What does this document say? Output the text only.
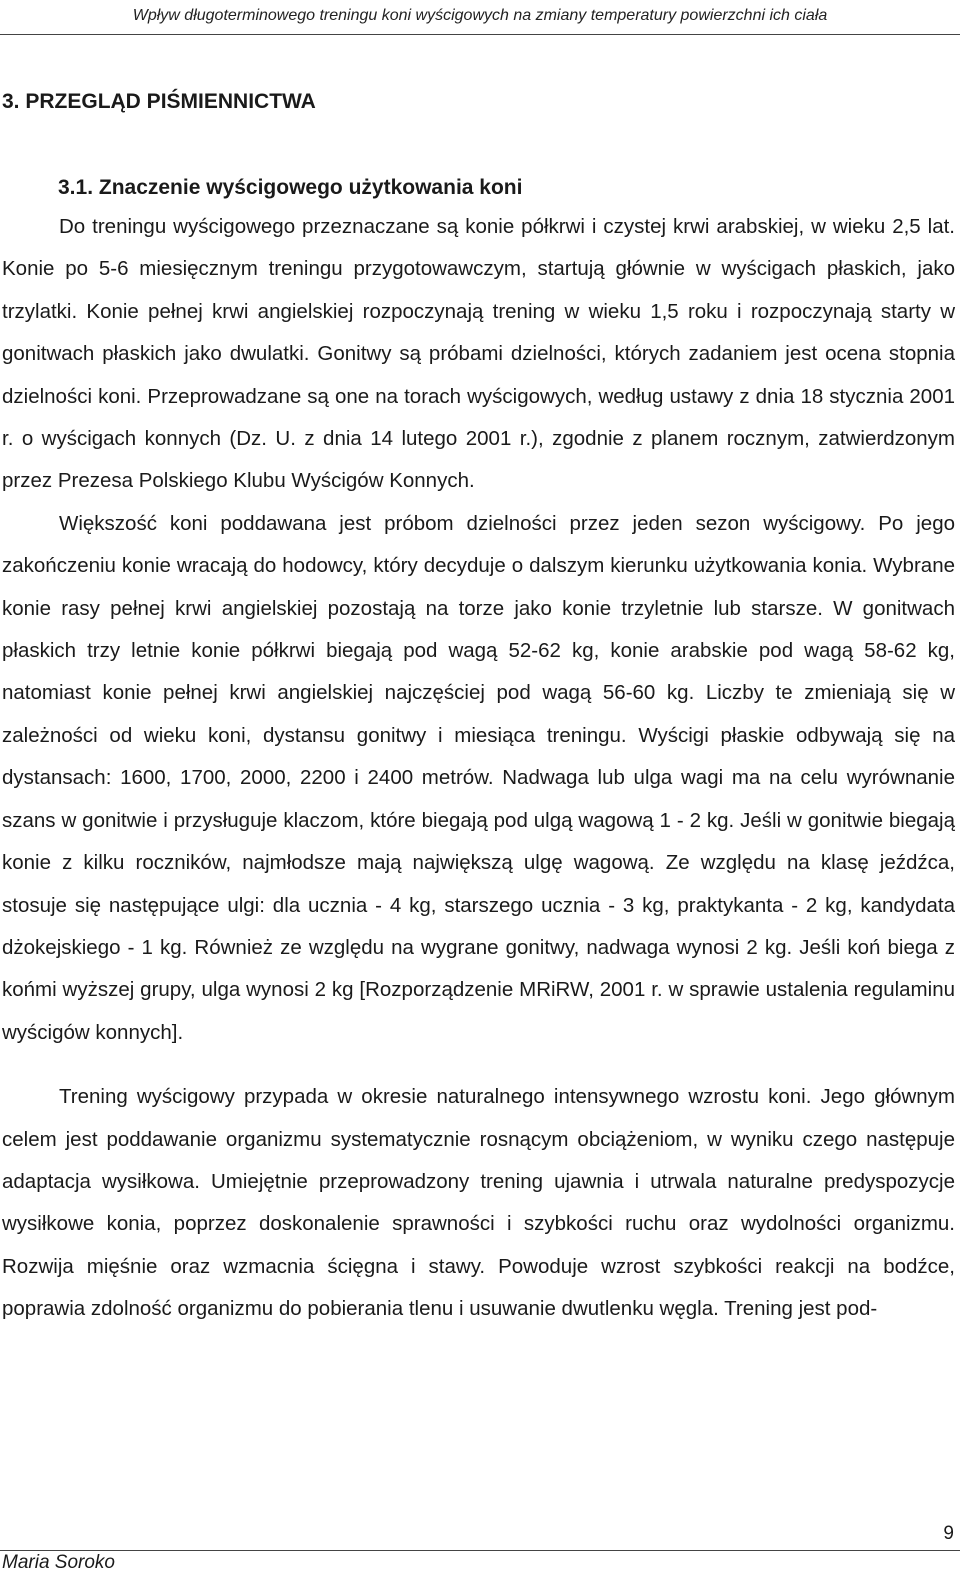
Wpływ długoterminowego treningu koni wyścigowych na zmiany temperatury powierzchni ich ciała
3. PRZEGLĄD PIŚMIENNICTWA
3.1. Znaczenie wyścigowego użytkowania koni

Do treningu wyścigowego przeznaczane są konie półkrwi i czystej krwi arabskiej, w wieku 2,5 lat. Konie po 5-6 miesięcznym treningu przygotowawczym, startują głównie w wyścigach płaskich, jako trzylatki. Konie pełnej krwi angielskiej rozpoczynają trening w wieku 1,5 roku i rozpoczynają starty w gonitwach płaskich jako dwulatki. Gonitwy są próbami dzielności, których zadaniem jest ocena stopnia dzielności koni. Przeprowadzane są one na torach wyścigowych, według ustawy z dnia 18 stycznia 2001 r. o wyścigach konnych (Dz. U. z dnia 14 lutego 2001 r.), zgodnie z planem rocznym, zatwierdzonym przez Prezesa Polskiego Klubu Wyścigów Konnych.

Większość koni poddawana jest próbom dzielności przez jeden sezon wyścigowy. Po jego zakończeniu konie wracają do hodowcy, który decyduje o dalszym kierunku użytkowania konia. Wybrane konie rasy pełnej krwi angielskiej pozostają na torze jako konie trzyletnie lub starsze. W gonitwach płaskich trzy letnie konie półkrwi biegają pod wagą 52-62 kg, konie arabskie pod wagą 58-62 kg, natomiast konie pełnej krwi angielskiej najczęściej pod wagą 56-60 kg. Liczby te zmieniają się w zależności od wieku koni, dystansu gonitwy i miesiąca treningu. Wyścigi płaskie odbywają się na dystansach: 1600, 1700, 2000, 2200 i 2400 metrów. Nadwaga lub ulga wagi ma na celu wyrównanie szans w gonitwie i przysługuje klaczom, które biegają pod ulgą wagową 1 - 2 kg. Jeśli w gonitwie biegają konie z kilku roczników, najmłodsze mają największą ulgę wagową. Ze względu na klasę jeźdźca, stosuje się następujące ulgi: dla ucznia - 4 kg, starszego ucznia - 3 kg, praktykanta - 2 kg, kandydata dżokejskiego - 1 kg. Również ze względu na wygrane gonitwy, nadwaga wynosi 2 kg. Jeśli koń biega z końmi wyższej grupy, ulga wynosi 2 kg [Rozporządzenie MRiRW, 2001 r. w sprawie ustalenia regulaminu wyścigów konnych].

Trening wyścigowy przypada w okresie naturalnego intensywnego wzrostu koni. Jego głównym celem jest poddawanie organizmu systematycznie rosnącym obciążeniom, w wyniku czego następuje adaptacja wysiłkowa. Umiejętnie przeprowadzony trening ujawnia i utrwala naturalne predyspozycje wysiłkowe konia, poprzez doskonalenie sprawności i szybkości ruchu oraz wydolności organizmu. Rozwija mięśnie oraz wzmacnia ścięgna i stawy. Powoduje wzrost szybkości reakcji na bodźce, poprawia zdolność organizmu do pobierania tlenu i usuwanie dwutlenku węgla. Trening jest pod-

9
Maria Soroko
